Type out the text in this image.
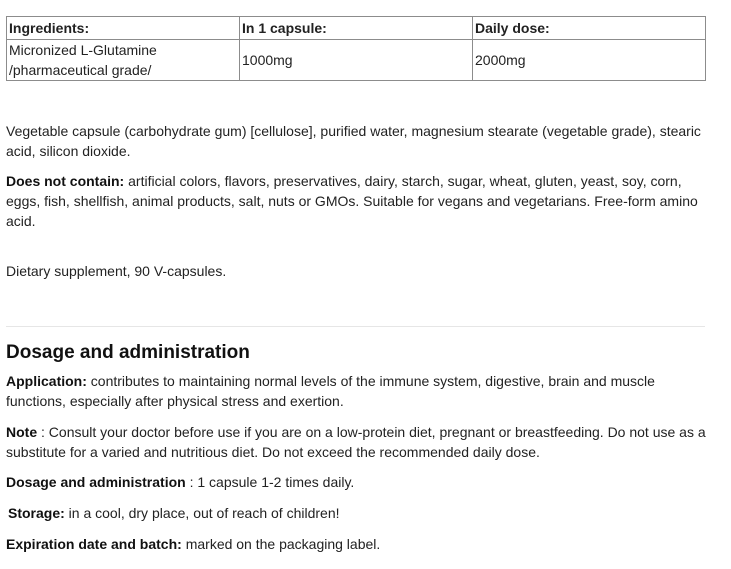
Ingredients:	In 1 capsule:	Daily dose:

Micronized L-Glutamine
/pharmaceutical grade/	1000mg	2000mg

Vegetable capsule (carbohydrate gum) [cellulose], purified water, magnesium stearate (vegetable grade), stearic acid, silicon dioxide.

Does not contain: artificial colors, flavors, preservatives, dairy, starch, sugar, wheat, gluten, yeast, soy, corn, eggs, fish, shellfish, animal products, salt, nuts or GMOs. Suitable for vegans and vegetarians. Free-form amino acid.

Dietary supplement, 90 V-capsules.

Dosage and administration

Application: contributes to maintaining normal levels of the immune system, digestive, brain and muscle functions, especially after physical stress and exertion.

Note : Consult your doctor before use if you are on a low-protein diet, pregnant or breastfeeding. Do not use as a substitute for a varied and nutritious diet. Do not exceed the recommended daily dose.

Dosage and administration : 1 capsule 1-2 times daily.

Storage: in a cool, dry place, out of reach of children!

Expiration date and batch: marked on the packaging label.
